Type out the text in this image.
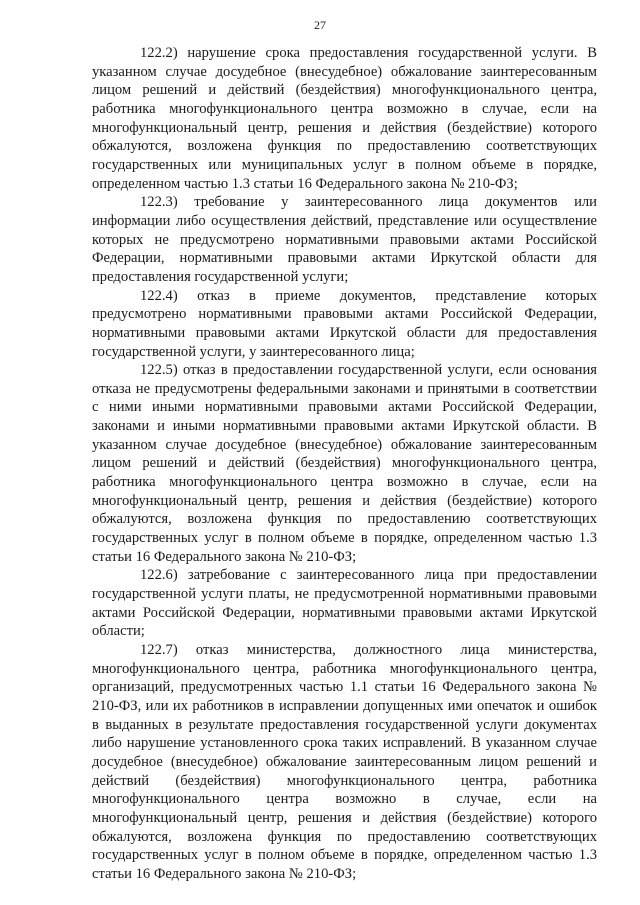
27

122.2) нарушение срока предоставления государственной услуги. В указанном случае досудебное (внесудебное) обжалование заинтересованным лицом решений и действий (бездействия) многофункционального центра, работника многофункционального центра возможно в случае, если на многофункциональный центр, решения и действия (бездействие) которого обжалуются, возложена функция по предоставлению соответствующих государственных или муниципальных услуг в полном объеме в порядке, определенном частью 1.3 статьи 16 Федерального закона № 210-ФЗ;

122.3) требование у заинтересованного лица документов или информации либо осуществления действий, представление или осуществление которых не предусмотрено нормативными правовыми актами Российской Федерации, нормативными правовыми актами Иркутской области для предоставления государственной услуги;

122.4) отказ в приеме документов, представление которых предусмотрено нормативными правовыми актами Российской Федерации, нормативными правовыми актами Иркутской области для предоставления государственной услуги, у заинтересованного лица;

122.5) отказ в предоставлении государственной услуги, если основания отказа не предусмотрены федеральными законами и принятыми в соответствии с ними иными нормативными правовыми актами Российской Федерации, законами и иными нормативными правовыми актами Иркутской области. В указанном случае досудебное (внесудебное) обжалование заинтересованным лицом решений и действий (бездействия) многофункционального центра, работника многофункционального центра возможно в случае, если на многофункциональный центр, решения и действия (бездействие) которого обжалуются, возложена функция по предоставлению соответствующих государственных услуг в полном объеме в порядке, определенном частью 1.3 статьи 16 Федерального закона № 210-ФЗ;

122.6) затребование с заинтересованного лица при предоставлении государственной услуги платы, не предусмотренной нормативными правовыми актами Российской Федерации, нормативными правовыми актами Иркутской области;

122.7) отказ министерства, должностного лица министерства, многофункционального центра, работника многофункционального центра, организаций, предусмотренных частью 1.1 статьи 16 Федерального закона № 210-ФЗ, или их работников в исправлении допущенных ими опечаток и ошибок в выданных в результате предоставления государственной услуги документах либо нарушение установленного срока таких исправлений. В указанном случае досудебное (внесудебное) обжалование заинтересованным лицом решений и действий (бездействия) многофункционального центра, работника многофункционального центра возможно в случае, если на многофункциональный центр, решения и действия (бездействие) которого обжалуются, возложена функция по предоставлению соответствующих государственных услуг в полном объеме в порядке, определенном частью 1.3 статьи 16 Федерального закона № 210-ФЗ;
